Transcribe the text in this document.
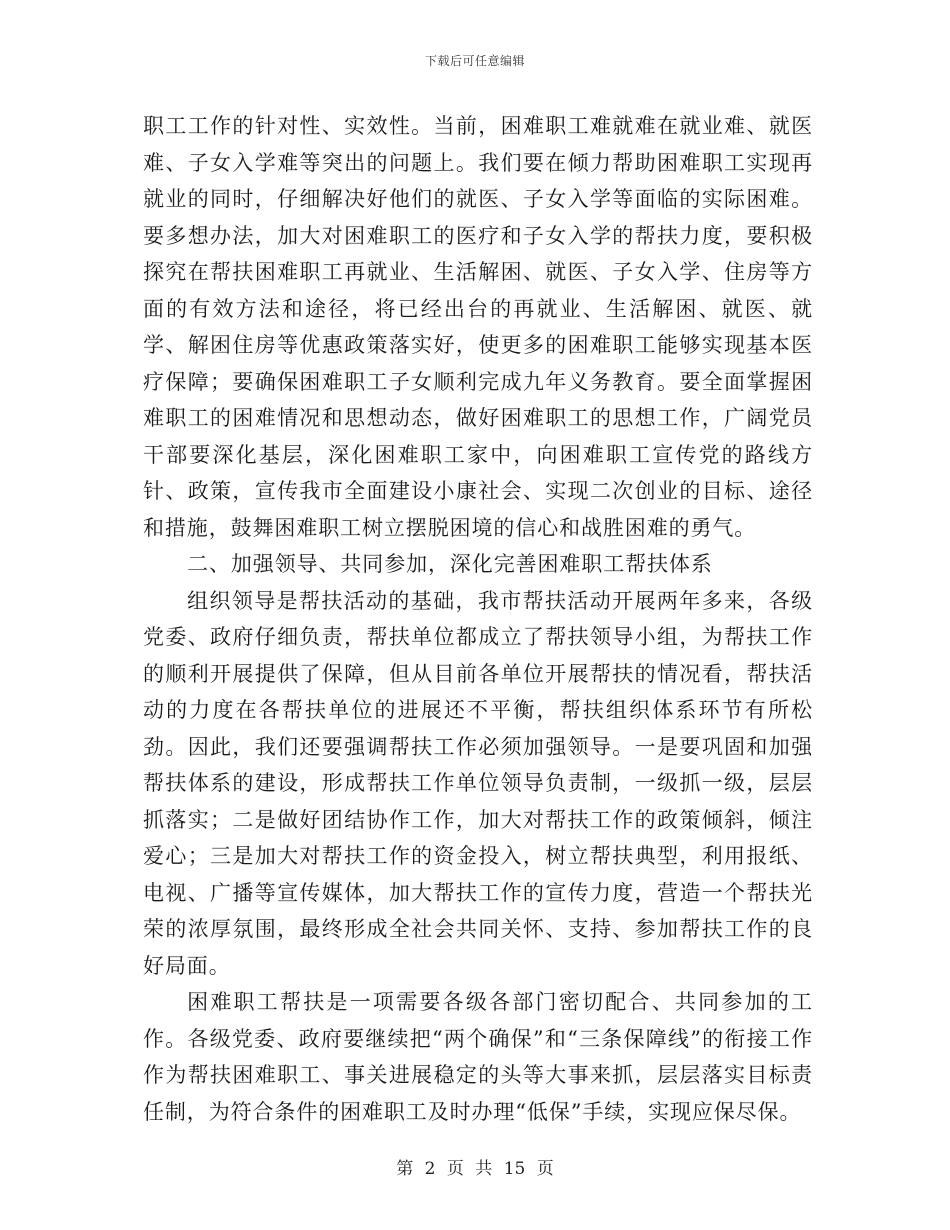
下载后可任意编辑

职工工作的针对性、实效性。当前，困难职工难就难在就业难、就医难、子女入学难等突出的问题上。我们要在倾力帮助困难职工实现再就业的同时，仔细解决好他们的就医、子女入学等面临的实际困难。要多想办法，加大对困难职工的医疗和子女入学的帮扶力度，要积极探究在帮扶困难职工再就业、生活解困、就医、子女入学、住房等方面的有效方法和途径，将已经出台的再就业、生活解困、就医、就学、解困住房等优惠政策落实好，使更多的困难职工能够实现基本医疗保障；要确保困难职工子女顺利完成九年义务教育。要全面掌握困难职工的困难情况和思想动态，做好困难职工的思想工作，广阔党员干部要深化基层，深化困难职工家中，向困难职工宣传党的路线方针、政策，宣传我市全面建设小康社会、实现二次创业的目标、途径和措施，鼓舞困难职工树立摆脱困境的信心和战胜困难的勇气。

二、加强领导、共同参加，深化完善困难职工帮扶体系

组织领导是帮扶活动的基础，我市帮扶活动开展两年多来，各级党委、政府仔细负责，帮扶单位都成立了帮扶领导小组，为帮扶工作的顺利开展提供了保障，但从目前各单位开展帮扶的情况看，帮扶活动的力度在各帮扶单位的进展还不平衡，帮扶组织体系环节有所松劲。因此，我们还要强调帮扶工作必须加强领导。一是要巩固和加强帮扶体系的建设，形成帮扶工作单位领导负责制，一级抓一级，层层抓落实；二是做好团结协作工作，加大对帮扶工作的政策倾斜，倾注爱心；三是加大对帮扶工作的资金投入，树立帮扶典型，利用报纸、电视、广播等宣传媒体，加大帮扶工作的宣传力度，营造一个帮扶光荣的浓厚氛围，最终形成全社会共同关怀、支持、参加帮扶工作的良好局面。

困难职工帮扶是一项需要各级各部门密切配合、共同参加的工作。各级党委、政府要继续把“两个确保”和“三条保障线”的衔接工作作为帮扶困难职工、事关进展稳定的头等大事来抓，层层落实目标责任制，为符合条件的困难职工及时办理“低保”手续，实现应保尽保。

第 2 页 共 15 页
